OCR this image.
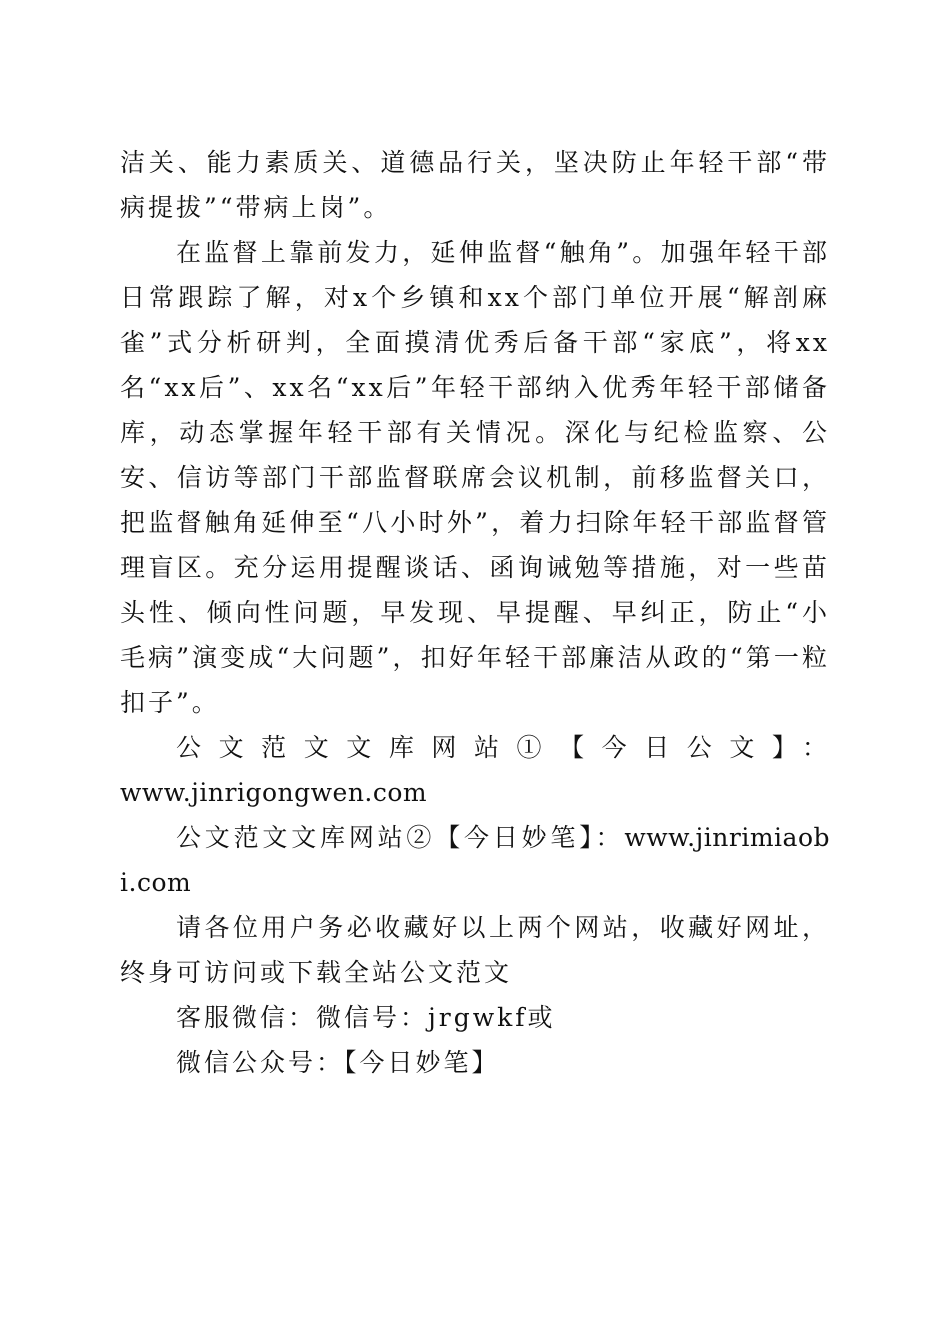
洁关、能力素质关、道德品行关，坚决防止年轻干部“带病提拔”“带病上岗”。

在监督上靠前发力，延伸监督“触角”。加强年轻干部日常跟踪了解，对x个乡镇和xx个部门单位开展“解剖麻雀”式分析研判，全面摸清优秀后备干部“家底”，将xx名“xx后”、xx名“xx后”年轻干部纳入优秀年轻干部储备库，动态掌握年轻干部有关情况。深化与纪检监察、公安、信访等部门干部监督联席会议机制，前移监督关口，把监督触角延伸至“八小时外”，着力扫除年轻干部监督管理盲区。充分运用提醒谈话、函询诫勉等措施，对一些苗头性、倾向性问题，早发现、早提醒、早纠正，防止“小毛病”演变成“大问题”，扣好年轻干部廉洁从政的“第一粒扣子”。

公文范文文库网站①【今日公文】：

www.jinrigongwen.com

公文范文文库网站②【今日妙笔】：www.jinrimiaobi.com

请各位用户务必收藏好以上两个网站，收藏好网址，终身可访问或下载全站公文范文

客服微信：微信号：jrgwkf或

微信公众号：【今日妙笔】
